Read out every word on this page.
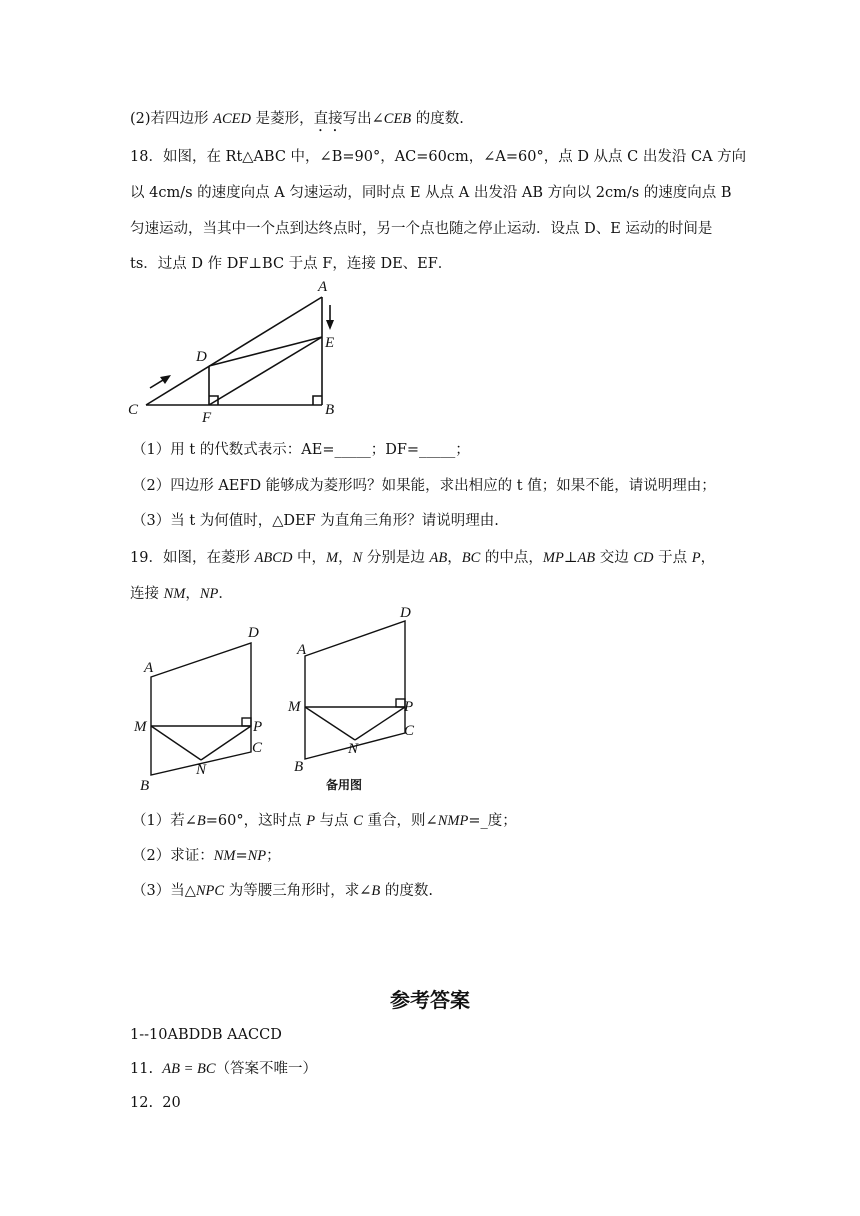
(2)若四边形 ACED 是菱形，直接写出∠CEB 的度数.
18．如图，在 Rt△ABC 中，∠B=90°，AC=60cm，∠A=60°，点 D 从点 C 出发沿 CA 方向
以 4cm/s 的速度向点 A 匀速运动，同时点 E 从点 A 出发沿 AB 方向以 2cm/s 的速度向点 B
匀速运动，当其中一个点到达终点时，另一个点也随之停止运动．设点 D、E 运动的时间是
ts．过点 D 作 DF⊥BC 于点 F，连接 DE、EF．
A
B
C
D
E
F
（1）用 t 的代数式表示：AE=_____；DF=_____；
（2）四边形 AEFD 能够成为菱形吗？如果能，求出相应的 t 值；如果不能，请说明理由；
（3）当 t 为何值时，△DEF 为直角三角形？请说明理由.
19．如图，在菱形 ABCD 中，M，N 分别是边 AB，BC 的中点，MP⊥AB 交边 CD 于点 P，
连接 NM，NP．
A
B
C
D
M
N
P
A
B
C
D
M
N
P
备用图
（1）若∠B=60°，这时点 P 与点 C 重合，则∠NMP=_度；
（2）求证：NM=NP；
（3）当△NPC 为等腰三角形时，求∠B 的度数.
参考答案
1--10ABDDB AACCD
11. AB = BC（答案不唯一）
12. 20
